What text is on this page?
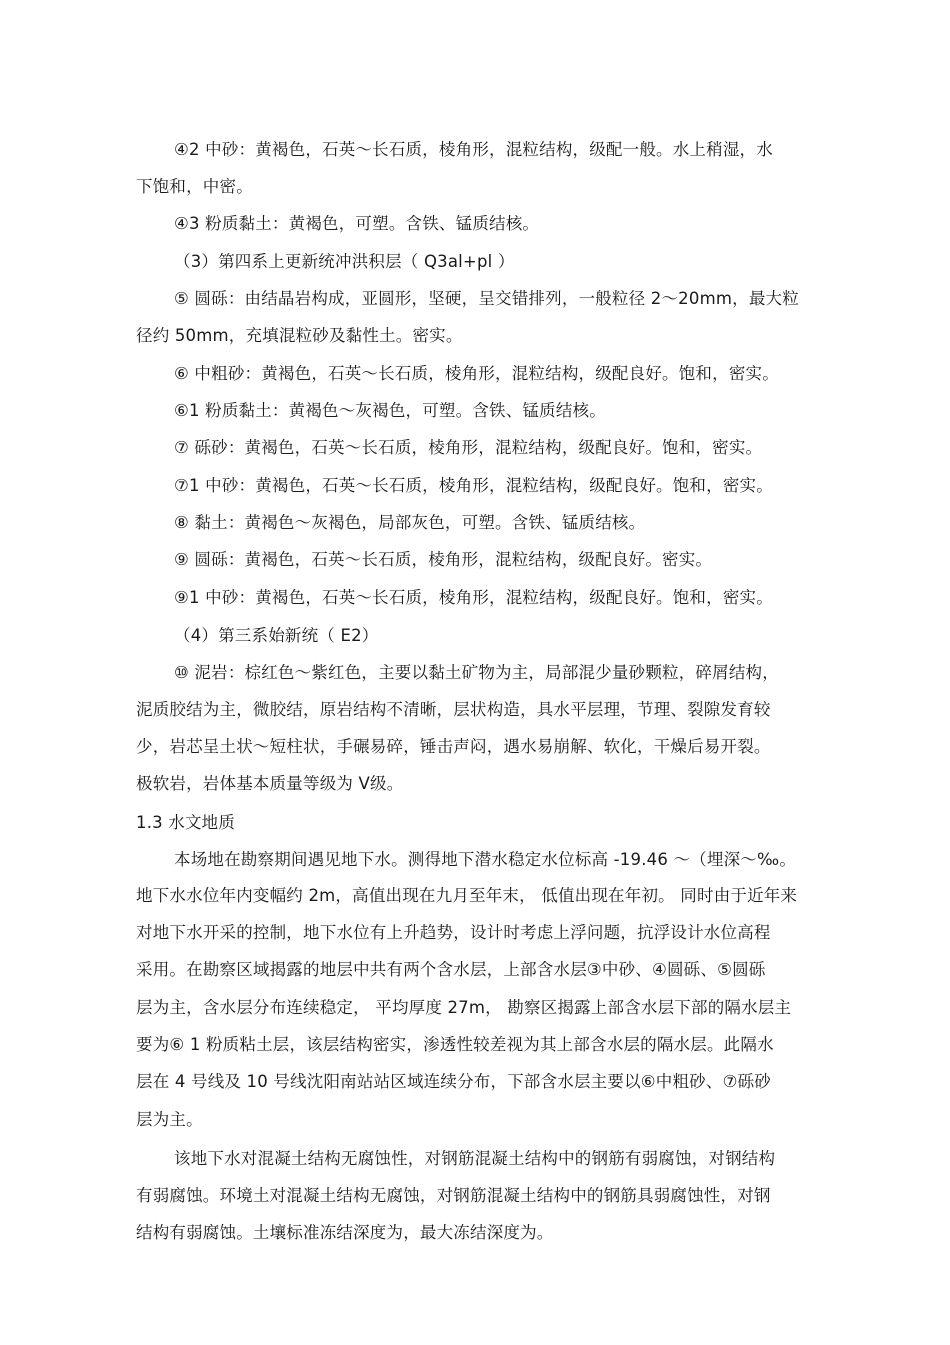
④2 中砂：黄褐色，石英～长石质，棱角形，混粒结构，级配一般。水上稍湿，水
下饱和，中密。
④3 粉质黏土：黄褐色，可塑。含铁、锰质结核。
（3）第四系上更新统冲洪积层（ Q3al+pl ）
⑤ 圆砾：由结晶岩构成，亚圆形，坚硬，呈交错排列，一般粒径 2～20mm，最大粒
径约 50mm，充填混粒砂及黏性土。密实。
⑥ 中粗砂：黄褐色，石英～长石质，棱角形，混粒结构，级配良好。饱和，密实。
⑥1 粉质黏土：黄褐色～灰褐色，可塑。含铁、锰质结核。
⑦ 砾砂：黄褐色，石英～长石质，棱角形，混粒结构，级配良好。饱和，密实。
⑦1 中砂：黄褐色，石英～长石质，棱角形，混粒结构，级配良好。饱和，密实。
⑧ 黏土：黄褐色～灰褐色，局部灰色，可塑。含铁、锰质结核。
⑨ 圆砾：黄褐色，石英～长石质，棱角形，混粒结构，级配良好。密实。
⑨1 中砂：黄褐色，石英～长石质，棱角形，混粒结构，级配良好。饱和，密实。
（4）第三系始新统（ E2）
⑩ 泥岩：棕红色～紫红色，主要以黏土矿物为主，局部混少量砂颗粒，碎屑结构，
泥质胶结为主，微胶结，原岩结构不清晰，层状构造，具水平层理，节理、裂隙发育较
少，岩芯呈土状～短柱状，手碾易碎，锤击声闷，遇水易崩解、软化，干燥后易开裂。
极软岩，岩体基本质量等级为 V级。
1.3 水文地质
本场地在勘察期间遇见地下水。测得地下潜水稳定水位标高 -19.46 ～（埋深～‰。
地下水水位年内变幅约 2m，高值出现在九月至年末， 低值出现在年初。 同时由于近年来
对地下水开采的控制，地下水位有上升趋势，设计时考虑上浮问题，抗浮设计水位高程
采用。在勘察区域揭露的地层中共有两个含水层，上部含水层③中砂、④圆砾、⑤圆砾
层为主，含水层分布连续稳定， 平均厚度 27m， 勘察区揭露上部含水层下部的隔水层主
要为⑥ 1 粉质粘土层，该层结构密实，渗透性较差视为其上部含水层的隔水层。此隔水
层在 4 号线及 10 号线沈阳南站站区域连续分布，下部含水层主要以⑥中粗砂、⑦砾砂
层为主。
该地下水对混凝土结构无腐蚀性，对钢筋混凝土结构中的钢筋有弱腐蚀，对钢结构
有弱腐蚀。环境土对混凝土结构无腐蚀，对钢筋混凝土结构中的钢筋具弱腐蚀性，对钢
结构有弱腐蚀。土壤标准冻结深度为，最大冻结深度为。
